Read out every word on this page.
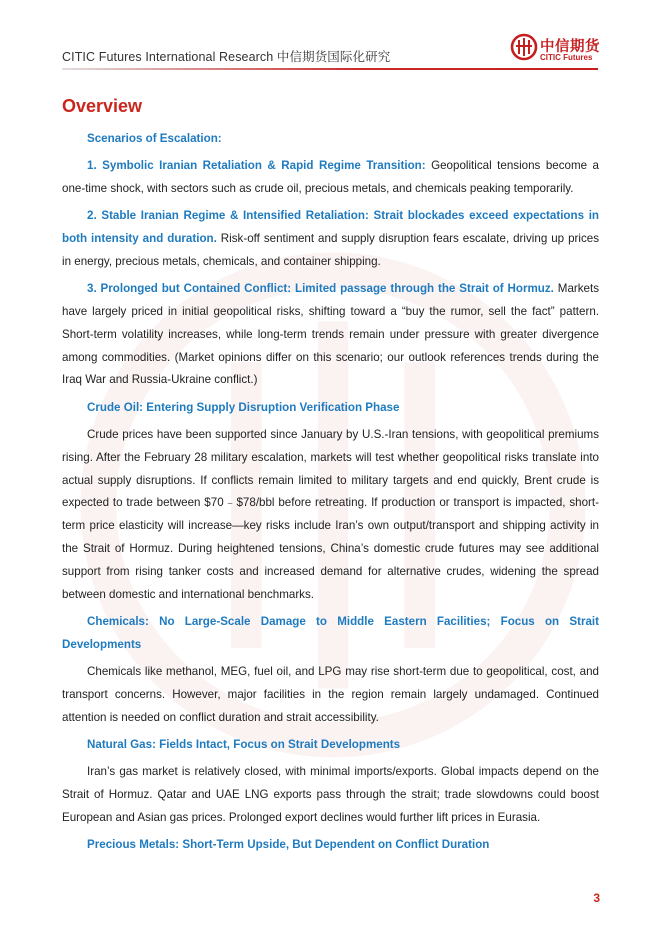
CITIC Futures International Research 中信期货国际化研究
中信期货
CITIC Futures
Overview

Scenarios of Escalation:

1. Symbolic Iranian Retaliation & Rapid Regime Transition: Geopolitical tensions become a one-time shock, with sectors such as crude oil, precious metals, and chemicals peaking temporarily.

2. Stable Iranian Regime & Intensified Retaliation: Strait blockades exceed expectations in both intensity and duration. Risk-off sentiment and supply disruption fears escalate, driving up prices in energy, precious metals, chemicals, and container shipping.

3. Prolonged but Contained Conflict: Limited passage through the Strait of Hormuz. Markets have largely priced in initial geopolitical risks, shifting toward a “buy the rumor, sell the fact” pattern. Short-term volatility increases, while long-term trends remain under pressure with greater divergence among commodities. (Market opinions differ on this scenario; our outlook references trends during the Iraq War and Russia-Ukraine conflict.)

Crude Oil: Entering Supply Disruption Verification Phase

Crude prices have been supported since January by U.S.-Iran tensions, with geopolitical premiums rising. After the February 28 military escalation, markets will test whether geopolitical risks translate into actual supply disruptions. If conflicts remain limited to military targets and end quickly, Brent crude is expected to trade between $70﹣$78/bbl before retreating. If production or transport is impacted, short-term price elasticity will increase—key risks include Iran’s own output/transport and shipping activity in the Strait of Hormuz. During heightened tensions, China’s domestic crude futures may see additional support from rising tanker costs and increased demand for alternative crudes, widening the spread between domestic and international benchmarks.

Chemicals: No Large-Scale Damage to Middle Eastern Facilities; Focus on Strait Developments

Chemicals like methanol, MEG, fuel oil, and LPG may rise short-term due to geopolitical, cost, and transport concerns. However, major facilities in the region remain largely undamaged. Continued attention is needed on conflict duration and strait accessibility.

Natural Gas: Fields Intact, Focus on Strait Developments

Iran’s gas market is relatively closed, with minimal imports/exports. Global impacts depend on the Strait of Hormuz. Qatar and UAE LNG exports pass through the strait; trade slowdowns could boost European and Asian gas prices. Prolonged export declines would further lift prices in Eurasia.

Precious Metals: Short-Term Upside, But Dependent on Conflict Duration

3
